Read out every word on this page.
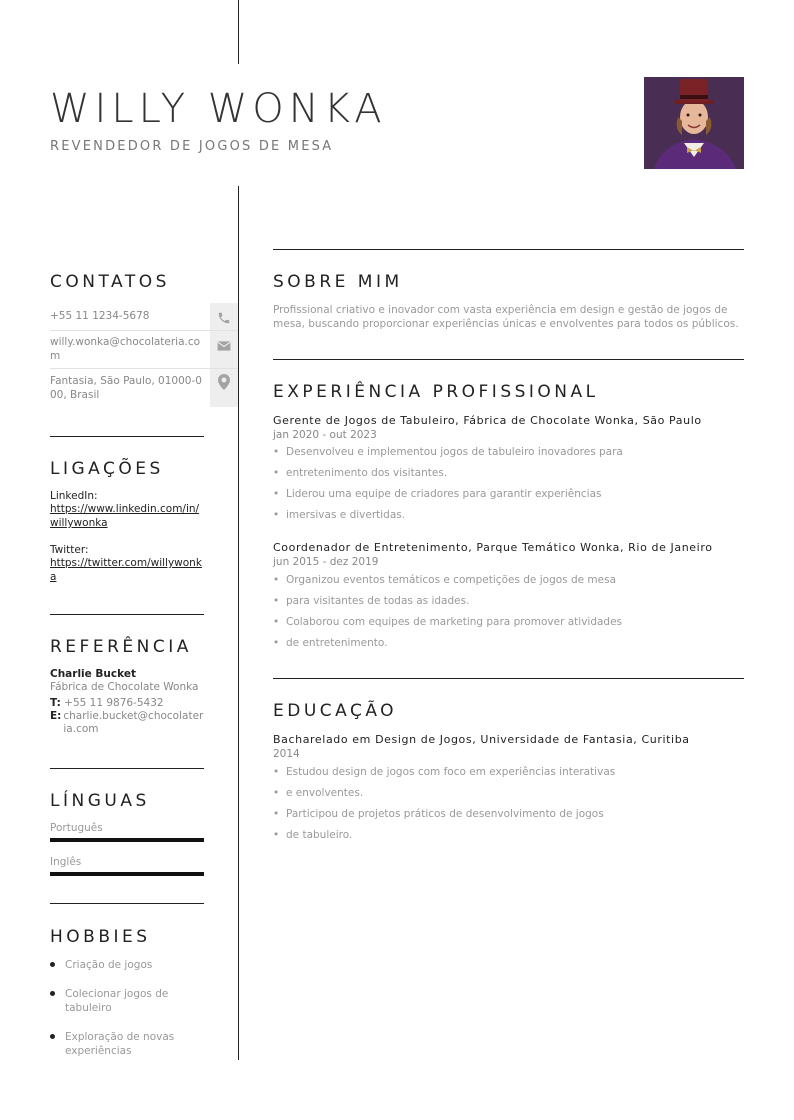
WILLY WONKA
REVENDEDOR DE JOGOS DE MESA
CONTATOS
+55 11 1234-5678
willy.wonka@chocolateria.com
Fantasia, São Paulo, 01000-000, Brasil
LIGAÇÕES
LinkedIn:
https://www.linkedin.com/in/willywonka
Twitter:
https://twitter.com/willywonka
REFERÊNCIA
Charlie Bucket
Fábrica de Chocolate Wonka
T: +55 11 9876-5432
E: charlie.bucket@chocolateria.com
LÍNGUAS
Português
Inglês
HOBBIES
Criação de jogos
Colecionar jogos de tabuleiro
Exploração de novas experiências
SOBRE MIM
Profissional criativo e inovador com vasta experiência em design e gestão de jogos de mesa, buscando proporcionar experiências únicas e envolventes para todos os públicos.
EXPERIÊNCIA PROFISSIONAL
Gerente de Jogos de Tabuleiro, Fábrica de Chocolate Wonka, São Paulo
jan 2020 - out 2023
• Desenvolveu e implementou jogos de tabuleiro inovadores para
• entretenimento dos visitantes.
• Liderou uma equipe de criadores para garantir experiências
• imersivas e divertidas.
Coordenador de Entretenimento, Parque Temático Wonka, Rio de Janeiro
jun 2015 - dez 2019
• Organizou eventos temáticos e competições de jogos de mesa
• para visitantes de todas as idades.
• Colaborou com equipes de marketing para promover atividades
• de entretenimento.
EDUCAÇÃO
Bacharelado em Design de Jogos, Universidade de Fantasia, Curitiba
2014
• Estudou design de jogos com foco em experiências interativas
• e envolventes.
• Participou de projetos práticos de desenvolvimento de jogos
• de tabuleiro.
